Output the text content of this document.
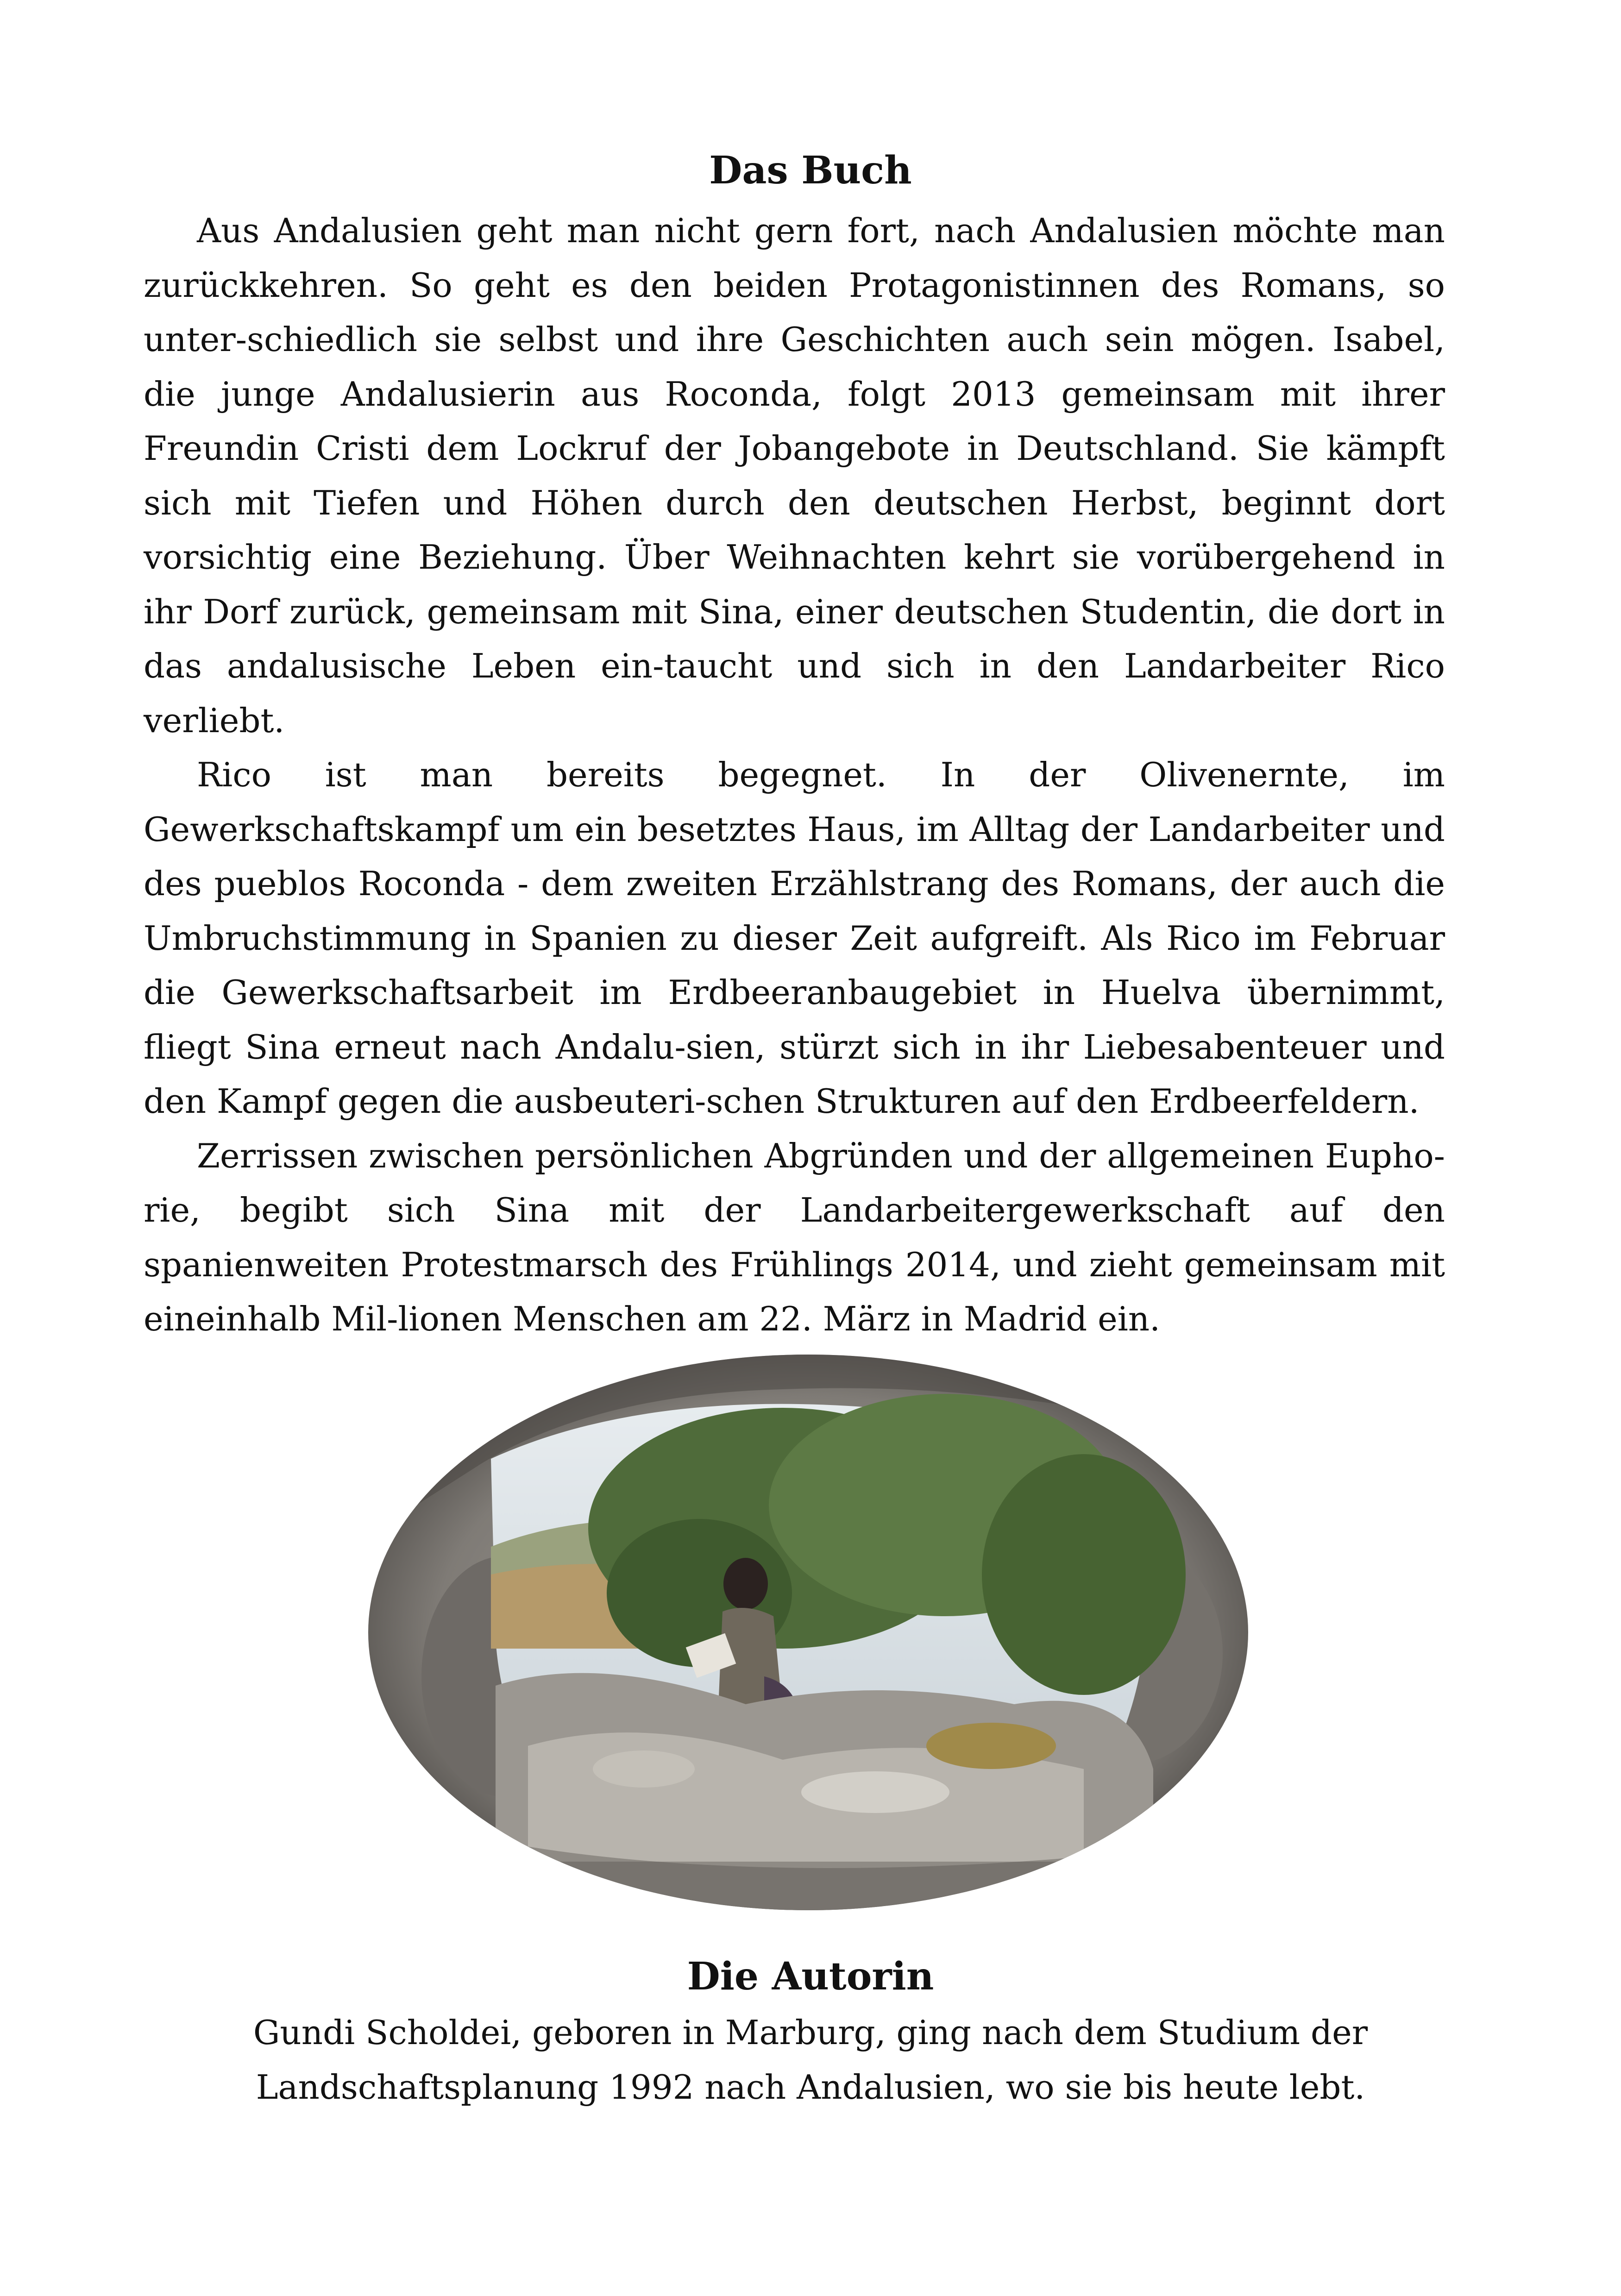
Das Buch

Aus Andalusien geht man nicht gern fort, nach Andalusien möchte man zurückkehren. So geht es den beiden Protagonistinnen des Romans, so unter-schiedlich sie selbst und ihre Geschichten auch sein mögen. Isabel, die junge Andalusierin aus Roconda, folgt 2013 gemeinsam mit ihrer Freundin Cristi dem Lockruf der Jobangebote in Deutschland. Sie kämpft sich mit Tiefen und Höhen durch den deutschen Herbst, beginnt dort vorsichtig eine Beziehung. Über Weihnachten kehrt sie vorübergehend in ihr Dorf zurück, gemeinsam mit Sina, einer deutschen Studentin, die dort in das andalusische Leben ein-taucht und sich in den Landarbeiter Rico verliebt.

Rico ist man bereits begegnet. In der Olivenernte, im Gewerkschaftskampf um ein besetztes Haus, im Alltag der Landarbeiter und des pueblos Roconda - dem zweiten Erzählstrang des Romans, der auch die Umbruchstimmung in Spanien zu dieser Zeit aufgreift. Als Rico im Februar die Gewerkschaftsarbeit im Erdbeeranbaugebiet in Huelva übernimmt, fliegt Sina erneut nach Andalu-sien, stürzt sich in ihr Liebesabenteuer und den Kampf gegen die ausbeuteri-schen Strukturen auf den Erdbeerfeldern.

Zerrissen zwischen persönlichen Abgründen und der allgemeinen Eupho-rie, begibt sich Sina mit der Landarbeitergewerkschaft auf den spanienweiten Protestmarsch des Frühlings 2014, und zieht gemeinsam mit eineinhalb Mil-lionen Menschen am 22. März in Madrid ein.

Die Autorin
Gundi Scholdei, geboren in Marburg, ging nach dem Studium der
Landschaftsplanung 1992 nach Andalusien, wo sie bis heute lebt.
